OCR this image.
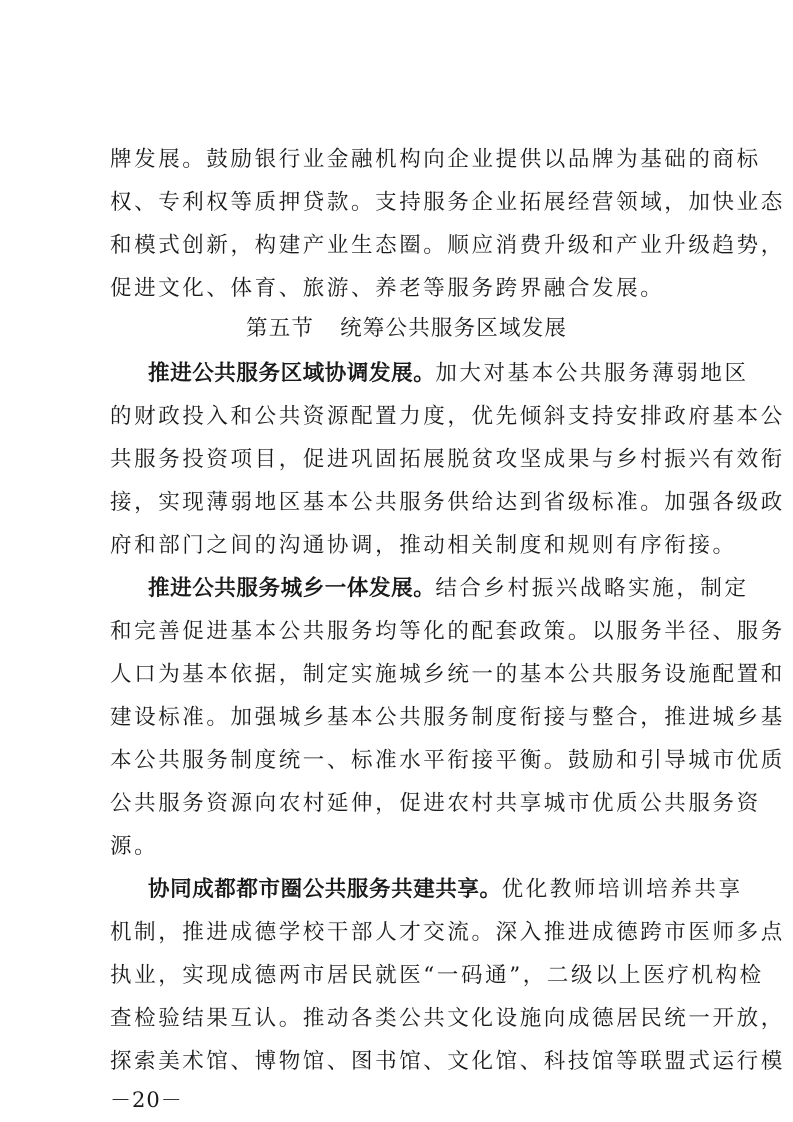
牌发展。鼓励银行业金融机构向企业提供以品牌为基础的商标
权、专利权等质押贷款。支持服务企业拓展经营领域，加快业态
和模式创新，构建产业生态圈。顺应消费升级和产业升级趋势，
促进文化、体育、旅游、养老等服务跨界融合发展。
第五节 统筹公共服务区域发展
推进公共服务区域协调发展。加大对基本公共服务薄弱地区
的财政投入和公共资源配置力度，优先倾斜支持安排政府基本公
共服务投资项目，促进巩固拓展脱贫攻坚成果与乡村振兴有效衔
接，实现薄弱地区基本公共服务供给达到省级标准。加强各级政
府和部门之间的沟通协调，推动相关制度和规则有序衔接。
推进公共服务城乡一体发展。结合乡村振兴战略实施，制定
和完善促进基本公共服务均等化的配套政策。以服务半径、服务
人口为基本依据，制定实施城乡统一的基本公共服务设施配置和
建设标准。加强城乡基本公共服务制度衔接与整合，推进城乡基
本公共服务制度统一、标准水平衔接平衡。鼓励和引导城市优质
公共服务资源向农村延伸，促进农村共享城市优质公共服务资
源。
协同成都都市圈公共服务共建共享。优化教师培训培养共享
机制，推进成德学校干部人才交流。深入推进成德跨市医师多点
执业，实现成德两市居民就医“一码通”，二级以上医疗机构检
查检验结果互认。推动各类公共文化设施向成德居民统一开放，
探索美术馆、博物馆、图书馆、文化馆、科技馆等联盟式运行模
－20－
